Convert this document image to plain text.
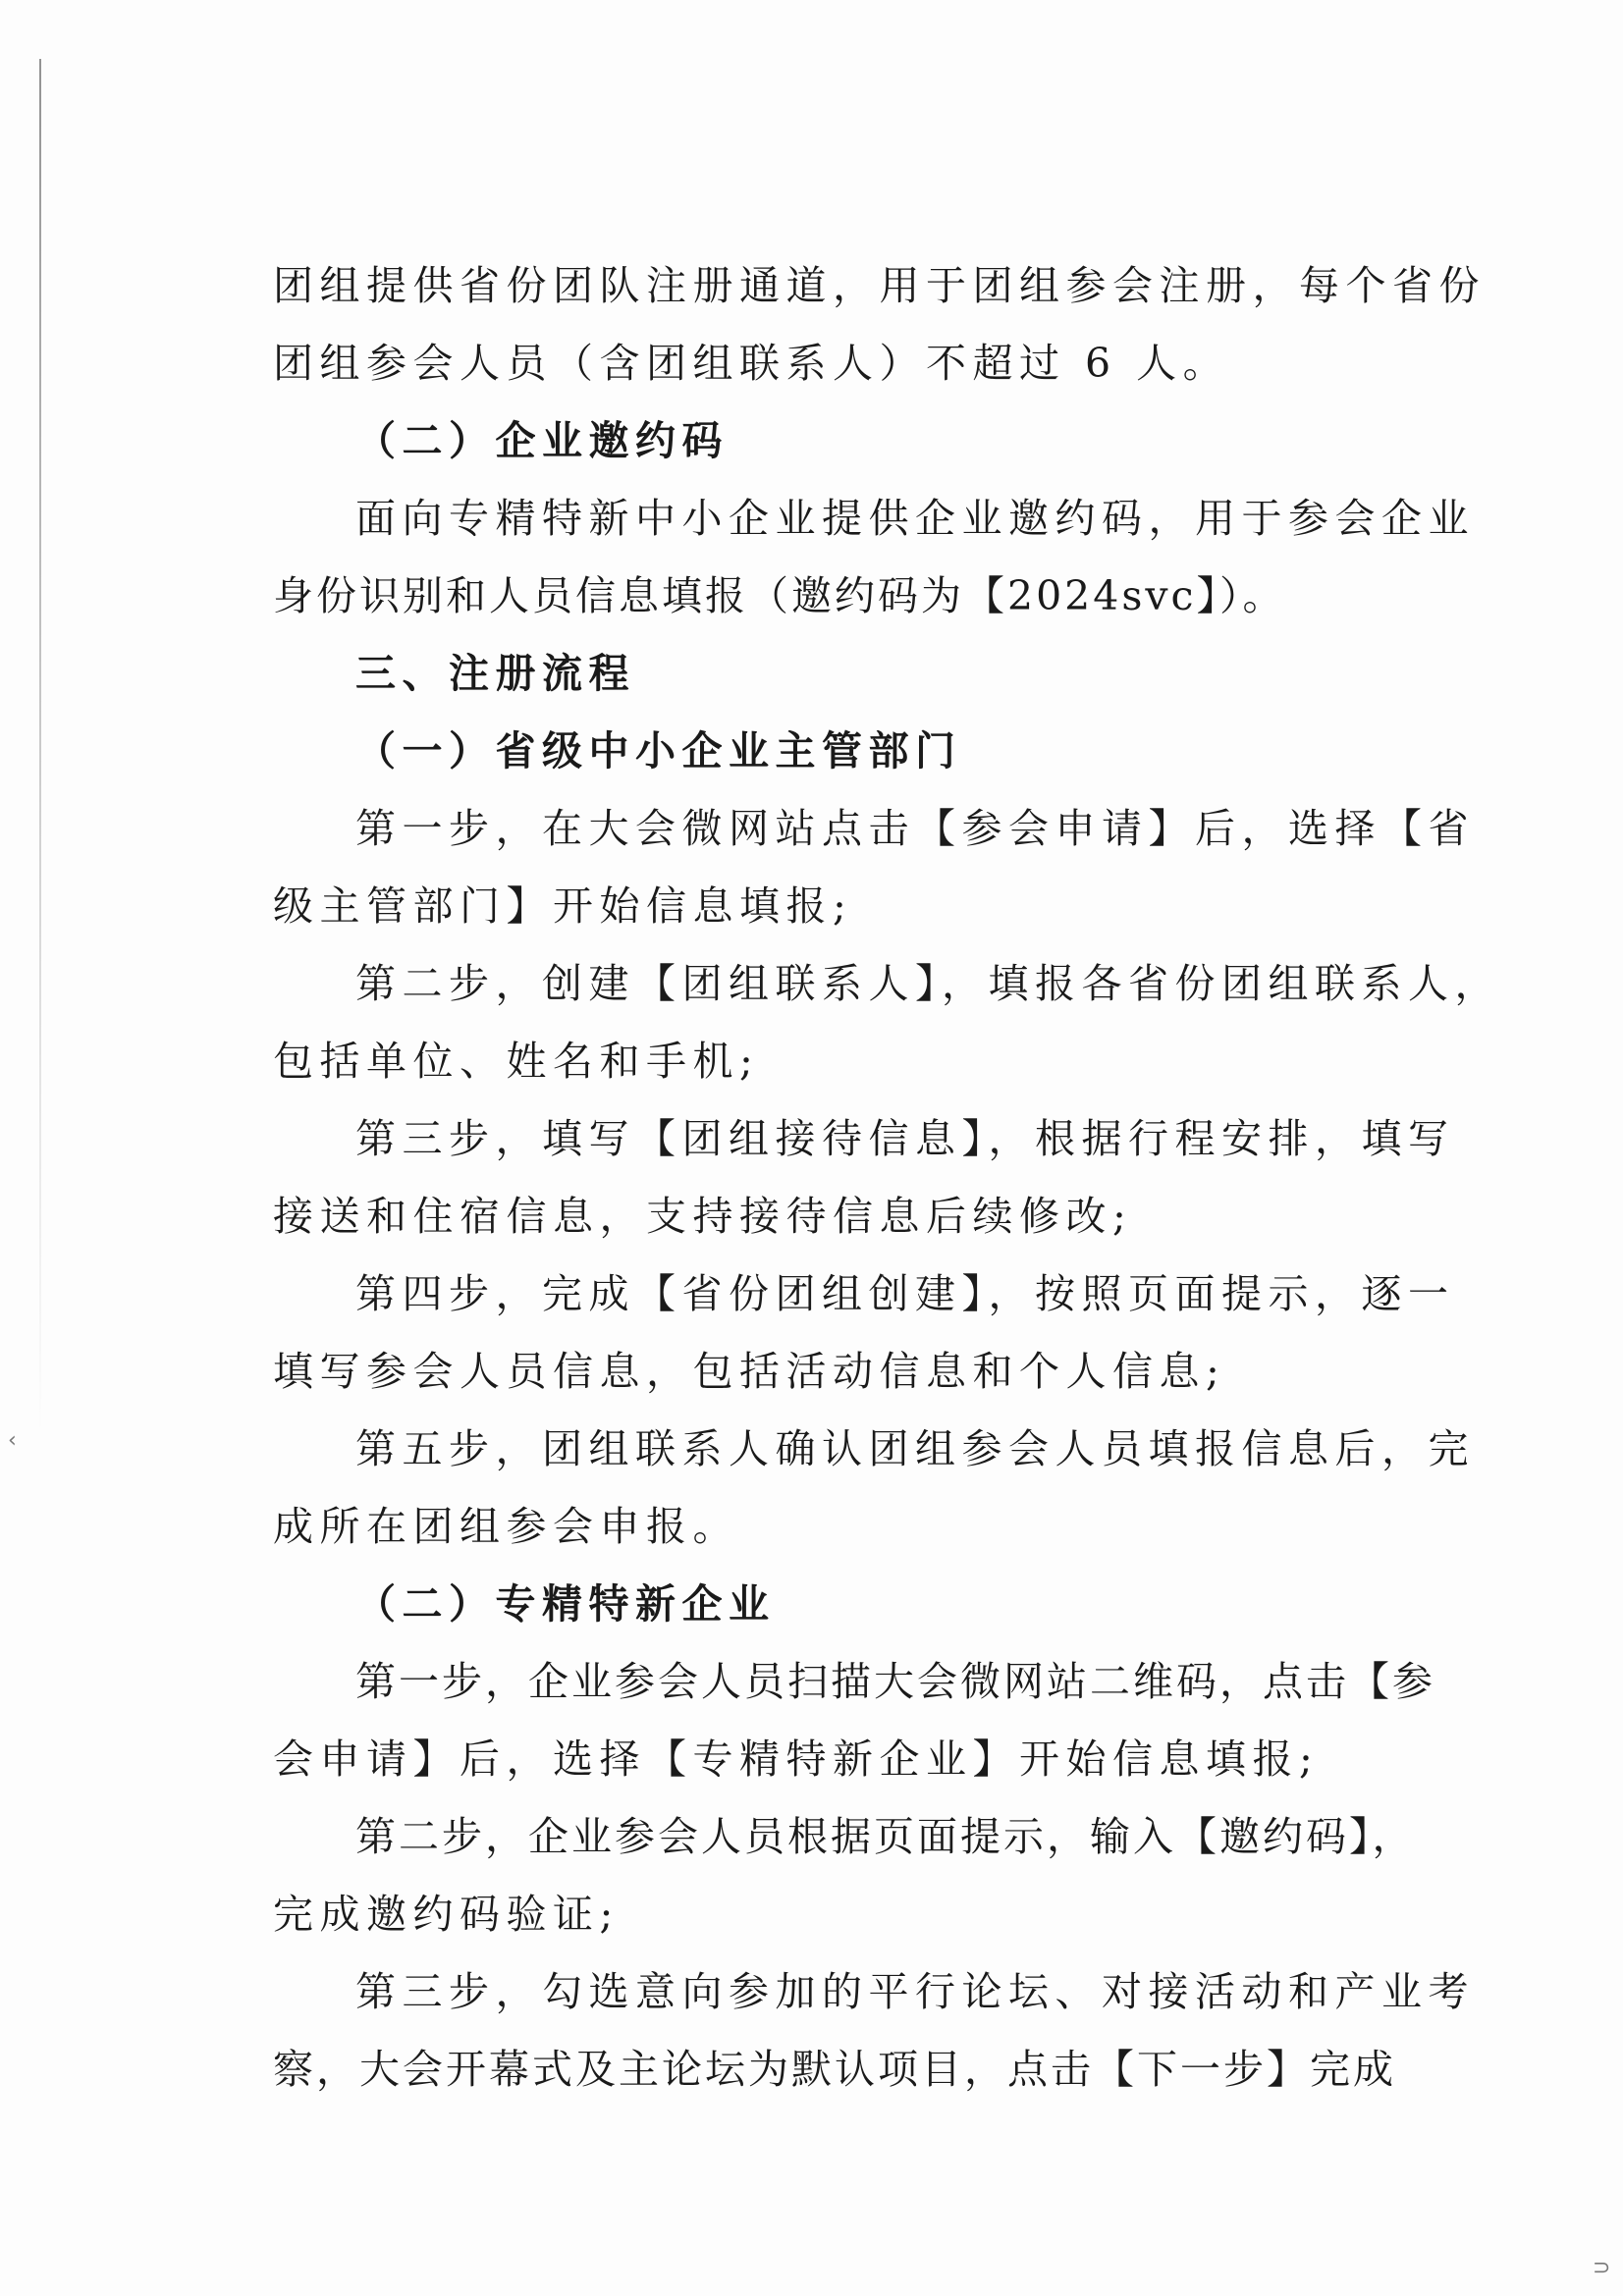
‹
⊃
团组提供省份团队注册通道，用于团组参会注册，每个省份
团组参会人员（含团组联系人）不超过 6 人。
（二）企业邀约码
面向专精特新中小企业提供企业邀约码，用于参会企业
身份识别和人员信息填报（邀约码为【2024svc】）。
三、注册流程
（一）省级中小企业主管部门
第一步，在大会微网站点击【参会申请】后，选择【省
级主管部门】开始信息填报;
第二步，创建【团组联系人】，填报各省份团组联系人，
包括单位、姓名和手机;
第三步，填写【团组接待信息】，根据行程安排，填写
接送和住宿信息，支持接待信息后续修改;
第四步，完成【省份团组创建】，按照页面提示，逐一
填写参会人员信息，包括活动信息和个人信息;
第五步，团组联系人确认团组参会人员填报信息后，完
成所在团组参会申报。
（二）专精特新企业
第一步，企业参会人员扫描大会微网站二维码，点击【参
会申请】后，选择【专精特新企业】开始信息填报;
第二步，企业参会人员根据页面提示，输入【邀约码】，
完成邀约码验证;
第三步，勾选意向参加的平行论坛、对接活动和产业考
察，大会开幕式及主论坛为默认项目，点击【下一步】完成
